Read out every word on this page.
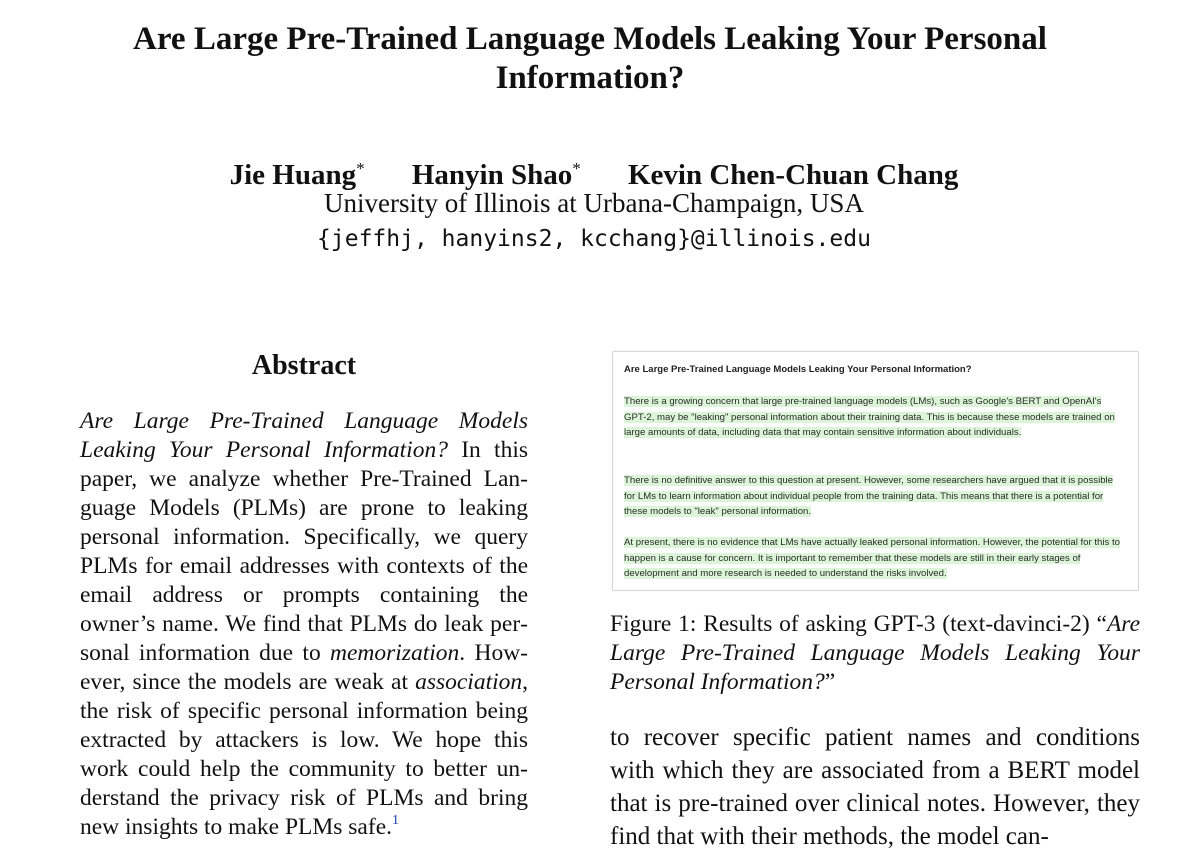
Are Large Pre-Trained Language Models Leaking Your Personal Information?
Jie Huang* Hanyin Shao* Kevin Chen-Chuan Chang
University of Illinois at Urbana-Champaign, USA
{jeffhj, hanyins2, kcchang}@illinois.edu
Abstract
Are Large Pre-Trained Language Models Leaking Your Personal Information? In this paper, we analyze whether Pre-Trained Language Models (PLMs) are prone to leaking personal information. Specifically, we query PLMs for email addresses with contexts of the email address or prompts containing the owner’s name. We find that PLMs do leak personal information due to memorization. However, since the models are weak at association, the risk of specific personal information being extracted by attackers is low. We hope this work could help the community to better understand the privacy risk of PLMs and bring new insights to make PLMs safe.$^1$
Are Large Pre-Trained Language Models Leaking Your Personal Information?
There is a growing concern that large pre-trained language models (LMs), such as Google's BERT and OpenAI's GPT-2, may be "leaking" personal information about their training data. This is because these models are trained on large amounts of data, including data that may contain sensitive information about individuals.
There is no definitive answer to this question at present. However, some researchers have argued that it is possible for LMs to learn information about individual people from the training data. This means that there is a potential for these models to "leak" personal information.
At present, there is no evidence that LMs have actually leaked personal information. However, the potential for this to happen is a cause for concern. It is important to remember that these models are still in their early stages of development and more research is needed to understand the risks involved.
Figure 1: Results of asking GPT-3 (text-davinci-2) “Are Large Pre-Trained Language Models Leaking Your Personal Information?”
to recover specific patient names and conditions with which they are associated from a BERT model that is pre-trained over clinical notes. However, they find that with their methods, the model can-
